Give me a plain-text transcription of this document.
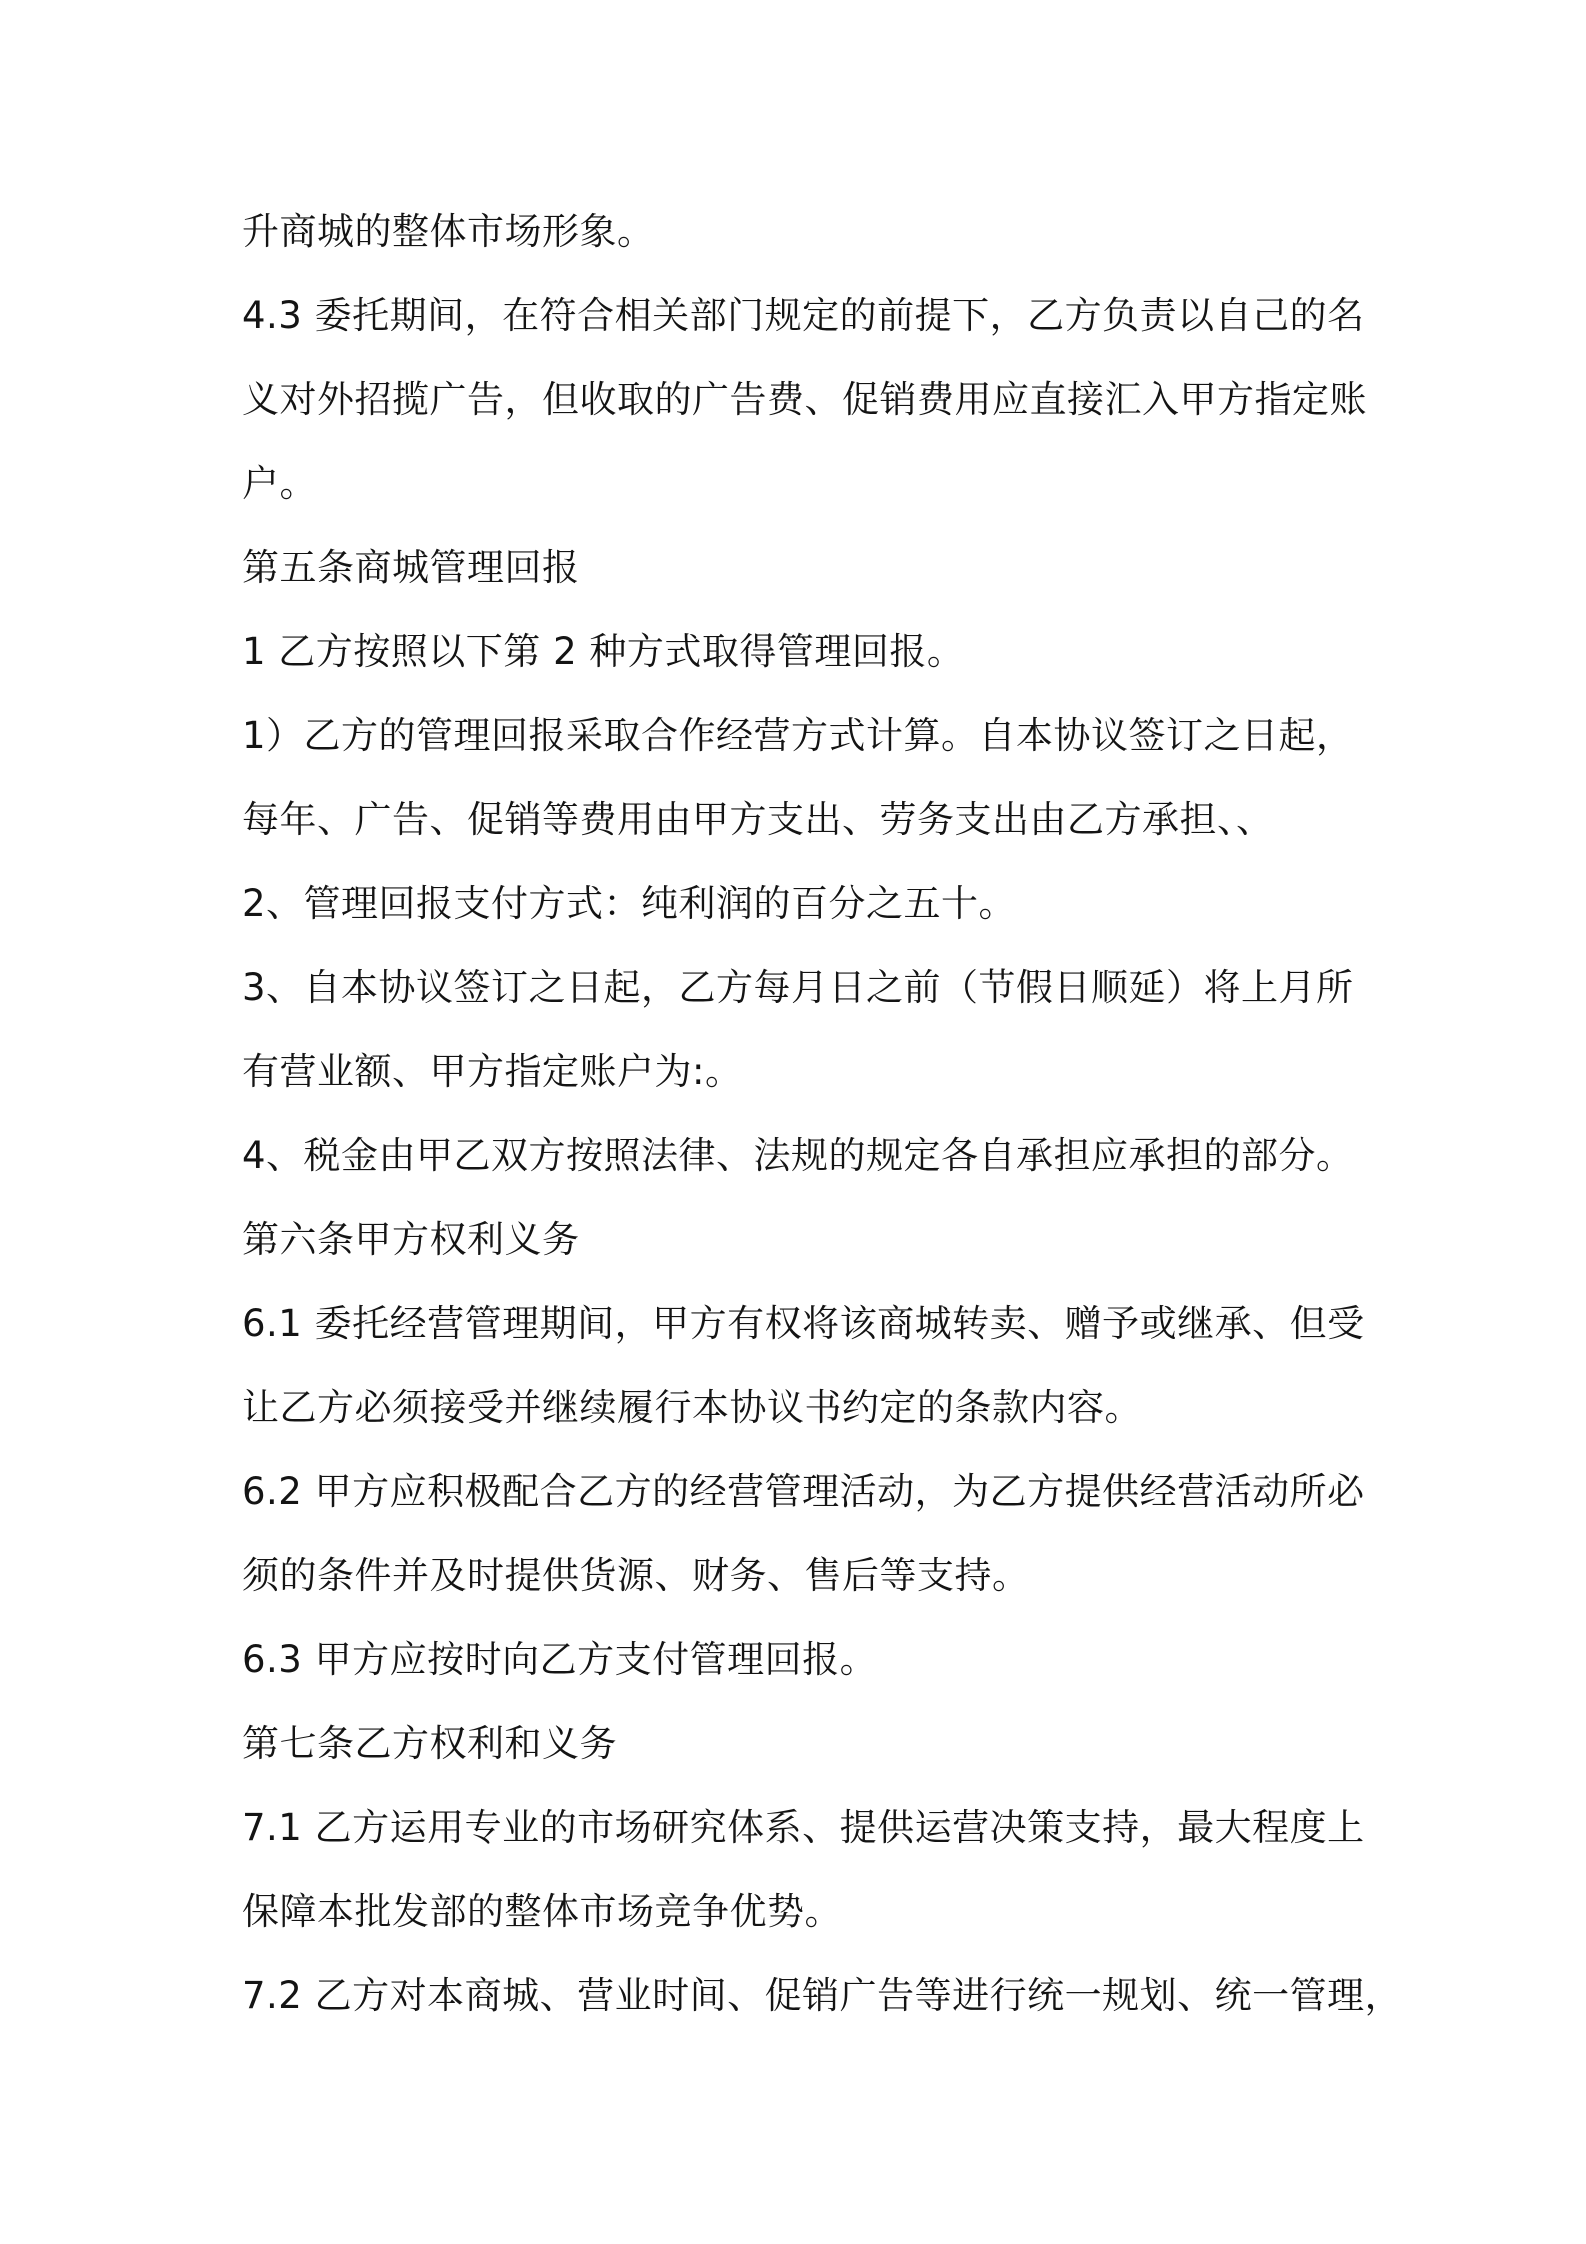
升商城的整体市场形象。
4.3 委托期间，在符合相关部门规定的前提下，乙方负责以自己的名
义对外招揽广告，但收取的广告费、促销费用应直接汇入甲方指定账
户。
第五条商城管理回报
1 乙方按照以下第 2 种方式取得管理回报。
1）乙方的管理回报采取合作经营方式计算。自本协议签订之日起，
每年、广告、促销等费用由甲方支出、劳务支出由乙方承担、、
2、管理回报支付方式：纯利润的百分之五十。
3、自本协议签订之日起，乙方每月日之前（节假日顺延）将上月所
有营业额、甲方指定账户为:。
4、税金由甲乙双方按照法律、法规的规定各自承担应承担的部分。
第六条甲方权利义务
6.1 委托经营管理期间，甲方有权将该商城转卖、赠予或继承、但受
让乙方必须接受并继续履行本协议书约定的条款内容。
6.2 甲方应积极配合乙方的经营管理活动，为乙方提供经营活动所必
须的条件并及时提供货源、财务、售后等支持。
6.3 甲方应按时向乙方支付管理回报。
第七条乙方权利和义务
7.1 乙方运用专业的市场研究体系、提供运营决策支持，最大程度上
保障本批发部的整体市场竞争优势。
7.2 乙方对本商城、营业时间、促销广告等进行统一规划、统一管理，
